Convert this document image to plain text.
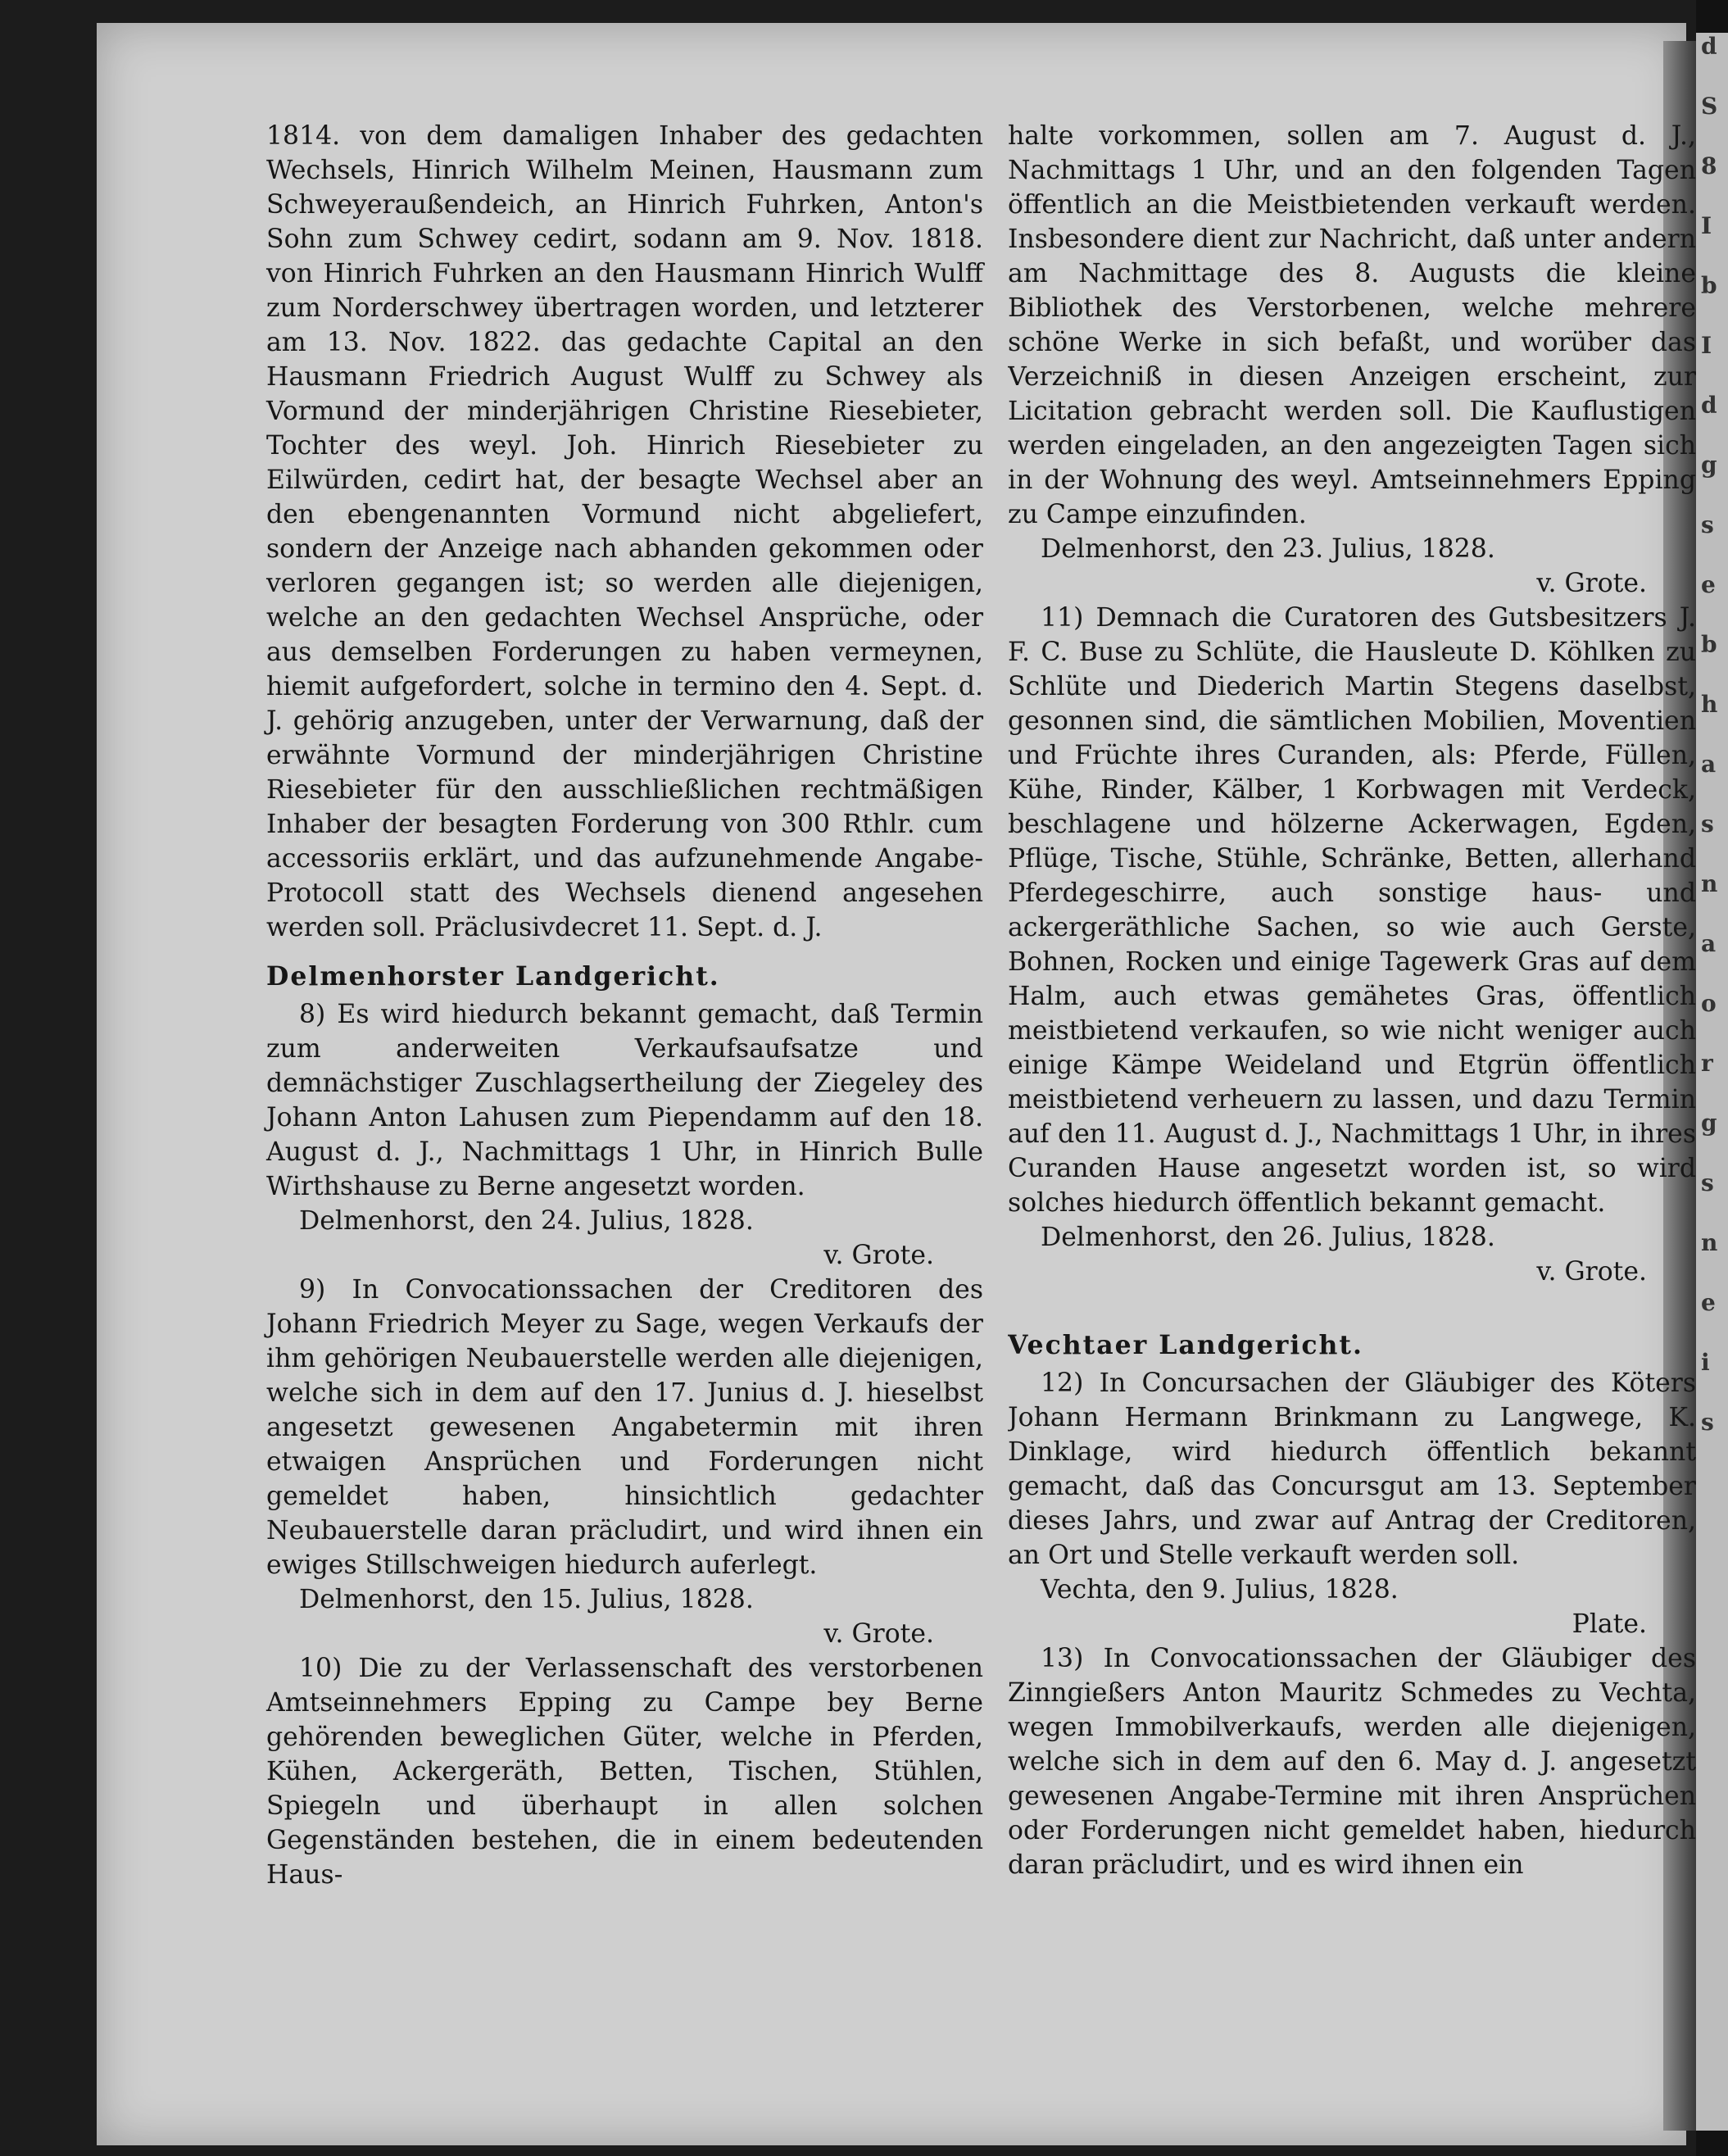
d
S
8
I
b
I
d
g
s
e
b
h
a
s
n
a
o
r
g
s
n
e
i
s

1814. von dem damaligen Inhaber des gedachten Wechsels, Hinrich Wilhelm Meinen, Hausmann zum Schweyeraußendeich, an Hinrich Fuhrken, Anton's Sohn zum Schwey cedirt, sodann am 9. Nov. 1818. von Hinrich Fuhrken an den Hausmann Hinrich Wulff zum Norderschwey übertragen worden, und letzterer am 13. Nov. 1822. das gedachte Capital an den Hausmann Friedrich August Wulff zu Schwey als Vormund der minderjährigen Christine Riesebieter, Tochter des weyl. Joh. Hinrich Riesebieter zu Eilwürden, cedirt hat, der besagte Wechsel aber an den ebengenannten Vormund nicht abgeliefert, sondern der Anzeige nach abhanden gekommen oder verloren gegangen ist; so werden alle diejenigen, welche an den gedachten Wechsel Ansprüche, oder aus demselben Forderungen zu haben vermeynen, hiemit aufgefordert, solche in termino den 4. Sept. d. J. gehörig anzugeben, unter der Verwarnung, daß der erwähnte Vormund der minderjährigen Christine Riesebieter für den ausschließlichen rechtmäßigen Inhaber der besagten Forderung von 300 Rthlr. cum accessoriis erklärt, und das aufzunehmende Angabe-Protocoll statt des Wechsels dienend angesehen werden soll. Präclusivdecret 11. Sept. d. J.

Delmenhorster Landgericht.

8) Es wird hiedurch bekannt gemacht, daß Termin zum anderweiten Verkaufsaufsatze und demnächstiger Zuschlagsertheilung der Ziegeley des Johann Anton Lahusen zum Piependamm auf den 18. August d. J., Nachmittags 1 Uhr, in Hinrich Bulle Wirthshause zu Berne angesetzt worden.

Delmenhorst, den 24. Julius, 1828.

v. Grote.

9) In Convocationssachen der Creditoren des Johann Friedrich Meyer zu Sage, wegen Verkaufs der ihm gehörigen Neubauerstelle werden alle diejenigen, welche sich in dem auf den 17. Junius d. J. hieselbst angesetzt gewesenen Angabetermin mit ihren etwaigen Ansprüchen und Forderungen nicht gemeldet haben, hinsichtlich gedachter Neubauerstelle daran präcludirt, und wird ihnen ein ewiges Stillschweigen hiedurch auferlegt.

Delmenhorst, den 15. Julius, 1828.

v. Grote.

10) Die zu der Verlassenschaft des verstorbenen Amtseinnehmers Epping zu Campe bey Berne gehörenden beweglichen Güter, welche in Pferden, Kühen, Ackergeräth, Betten, Tischen, Stühlen, Spiegeln und überhaupt in allen solchen Gegenständen bestehen, die in einem bedeutenden Haus-

halte vorkommen, sollen am 7. August d. J., Nachmittags 1 Uhr, und an den folgenden Tagen öffentlich an die Meistbietenden verkauft werden. Insbesondere dient zur Nachricht, daß unter andern am Nachmittage des 8. Augusts die kleine Bibliothek des Verstorbenen, welche mehrere schöne Werke in sich befaßt, und worüber das Verzeichniß in diesen Anzeigen erscheint, zur Licitation gebracht werden soll. Die Kauflustigen werden eingeladen, an den angezeigten Tagen sich in der Wohnung des weyl. Amtseinnehmers Epping zu Campe einzufinden.

Delmenhorst, den 23. Julius, 1828.

v. Grote.

11) Demnach die Curatoren des Gutsbesitzers J. F. C. Buse zu Schlüte, die Hausleute D. Köhlken zu Schlüte und Diederich Martin Stegens daselbst, gesonnen sind, die sämtlichen Mobilien, Moventien und Früchte ihres Curanden, als: Pferde, Füllen, Kühe, Rinder, Kälber, 1 Korbwagen mit Verdeck, beschlagene und hölzerne Ackerwagen, Egden, Pflüge, Tische, Stühle, Schränke, Betten, allerhand Pferdegeschirre, auch sonstige haus- und ackergeräthliche Sachen, so wie auch Gerste, Bohnen, Rocken und einige Tagewerk Gras auf dem Halm, auch etwas gemähetes Gras, öffentlich meistbietend verkaufen, so wie nicht weniger auch einige Kämpe Weideland und Etgrün öffentlich meistbietend verheuern zu lassen, und dazu Termin auf den 11. August d. J., Nachmittags 1 Uhr, in ihres Curanden Hause angesetzt worden ist, so wird solches hiedurch öffentlich bekannt gemacht.

Delmenhorst, den 26. Julius, 1828.

v. Grote.

Vechtaer Landgericht.

12) In Concursachen der Gläubiger des Köters Johann Hermann Brinkmann zu Langwege, K. Dinklage, wird hiedurch öffentlich bekannt gemacht, daß das Concursgut am 13. September dieses Jahrs, und zwar auf Antrag der Creditoren, an Ort und Stelle verkauft werden soll.

Vechta, den 9. Julius, 1828.

Plate.

13) In Convocationssachen der Gläubiger des Zinngießers Anton Mauritz Schmedes zu Vechta, wegen Immobilverkaufs, werden alle diejenigen, welche sich in dem auf den 6. May d. J. angesetzt gewesenen Angabe-Termine mit ihren Ansprüchen oder Forderungen nicht gemeldet haben, hiedurch daran präcludirt, und es wird ihnen ein
